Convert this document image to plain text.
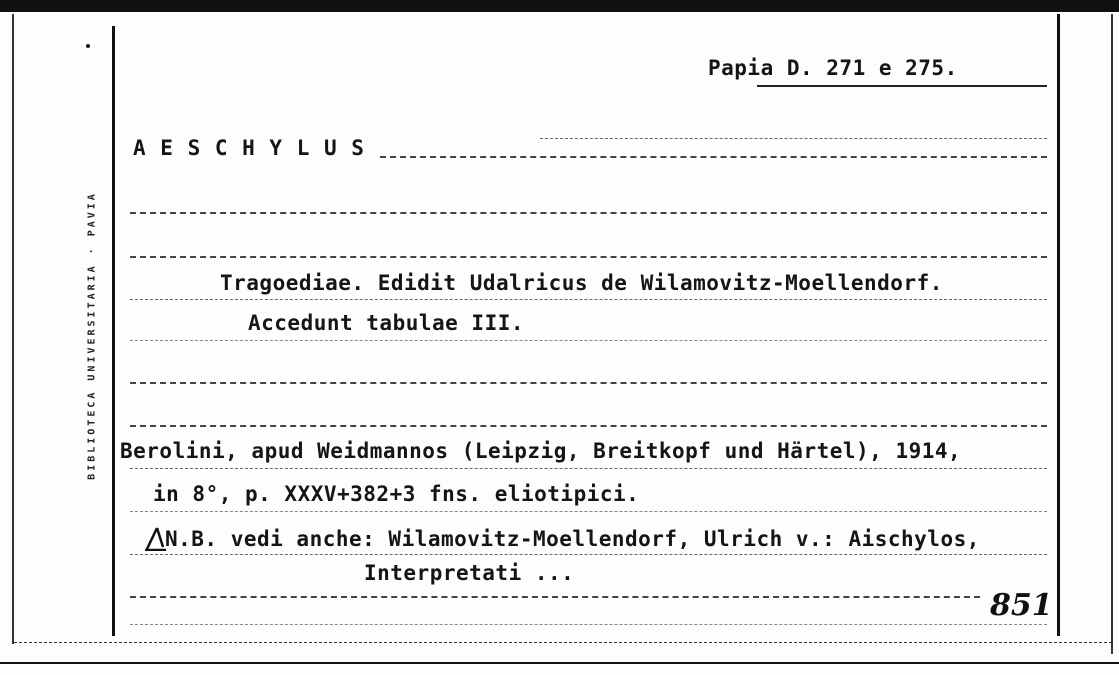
BIBLIOTECA UNIVERSITARIA · PAVIA
Papia D. 271 e 275.
A E S C H Y L U S
Tragoediae. Edidit Udalricus de Wilamovitz-Moellendorf.
Accedunt tabulae III.
Berolini, apud Weidmannos (Leipzig, Breitkopf und Härtel), 1914,
in 8°, p. XXXV+382+3 fns. eliotipici.
N.B. vedi anche: Wilamovitz-Moellendorf, Ulrich v.: Aischylos,
Interpretati ...
851
